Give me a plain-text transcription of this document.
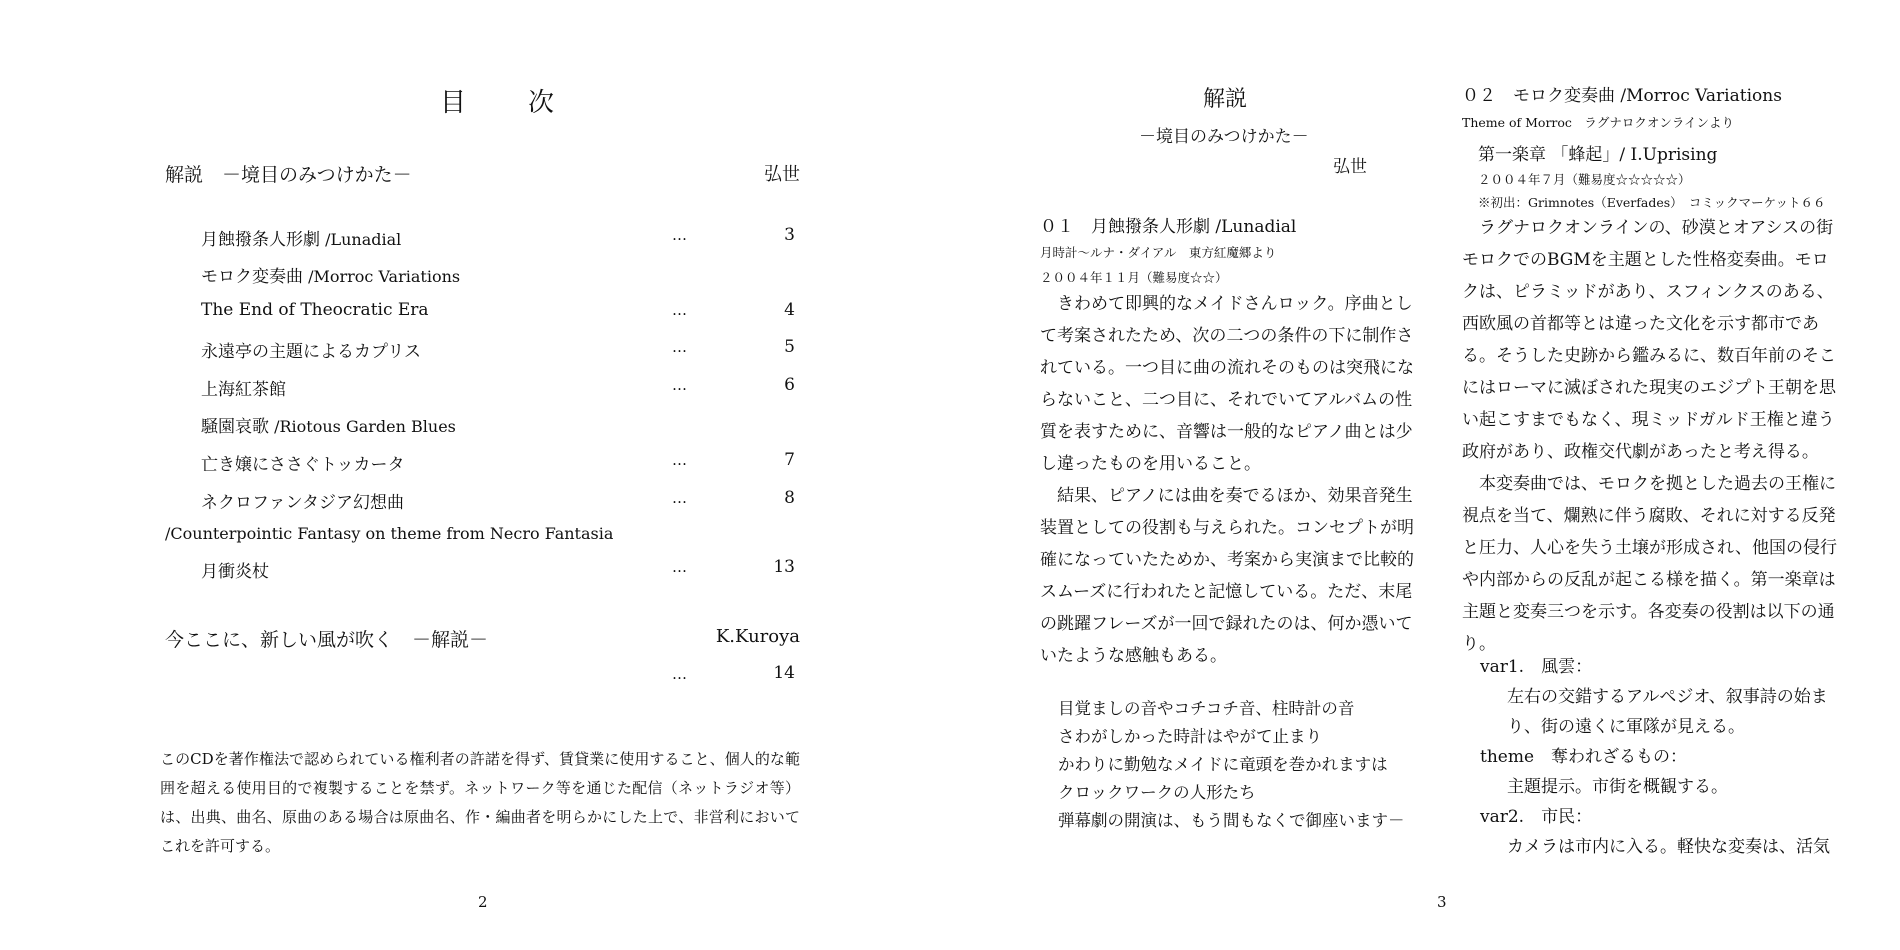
目　次
解説　－境目のみつけかた－	弘世
月蝕撥条人形劇 /Lunadial	…	3
モロク変奏曲 /Morroc Variations
The End of Theocratic Era	…	4
永遠亭の主題によるカプリス	…	5
上海紅茶館	…	6
騒園哀歌 /Riotous Garden Blues
亡き嬢にささぐトッカータ	…	7
ネクロファンタジア幻想曲	…	8
/Counterpointic Fantasy on theme from Necro Fantasia
月衝炎杖	…	13
今ここに、新しい風が吹く　－解説－	K.Kuroya
…	14
このCDを著作権法で認められている権利者の許諾を得ず、賃貸業に使用すること、個人的な範囲を超える使用目的で複製することを禁ず。ネットワーク等を通じた配信（ネットラジオ等）は、出典、曲名、原曲のある場合は原曲名、作・編曲者を明らかにした上で、非営利においてこれを許可する。
2
解説
－境目のみつけかた－
弘世
０１　月蝕撥条人形劇 /Lunadial
月時計～ルナ・ダイアル　東方紅魔郷より
２００４年１１月（難易度☆☆）

きわめて即興的なメイドさんロック。序曲として考案されたため、次の二つの条件の下に制作されている。一つ目に曲の流れそのものは突飛にならないこと、二つ目に、それでいてアルバムの性質を表すために、音響は一般的なピアノ曲とは少し違ったものを用いること。

結果、ピアノには曲を奏でるほか、効果音発生装置としての役割も与えられた。コンセプトが明確になっていたためか、考案から実演まで比較的スムーズに行われたと記憶している。ただ、末尾の跳躍フレーズが一回で録れたのは、何か憑いていたような感触もある。

目覚ましの音やコチコチ音、柱時計の音
さわがしかった時計はやがて止まり
かわりに勤勉なメイドに竜頭を巻かれますは
クロックワークの人形たち
弾幕劇の開演は、もう間もなくで御座います－
3
０２　モロク変奏曲 /Morroc Variations
Theme of Morroc　ラグナロクオンラインより
第一楽章 「蜂起」/ Ⅰ.Uprising
２００４年７月（難易度☆☆☆☆☆）
※初出：Grimnotes（Everfades）　コミックマーケット６６

ラグナロクオンラインの、砂漠とオアシスの街モロクでのBGMを主題とした性格変奏曲。モロクは、ピラミッドがあり、スフィンクスのある、西欧風の首都等とは違った文化を示す都市である。そうした史跡から鑑みるに、数百年前のそこにはローマに滅ぼされた現実のエジプト王朝を思い起こすまでもなく、現ミッドガルド王権と違う政府があり、政権交代劇があったと考え得る。

本変奏曲では、モロクを拠とした過去の王権に視点を当て、爛熟に伴う腐敗、それに対する反発と圧力、人心を失う土壌が形成され、他国の侵行や内部からの反乱が起こる様を描く。第一楽章は主題と変奏三つを示す。各変奏の役割は以下の通り。

var1.　風雲：
左右の交錯するアルペジオ、叙事詩の始まり、街の遠くに軍隊が見える。
theme　奪われざるもの：
主題提示。市街を概観する。
var2.　市民：
カメラは市内に入る。軽快な変奏は、活気
